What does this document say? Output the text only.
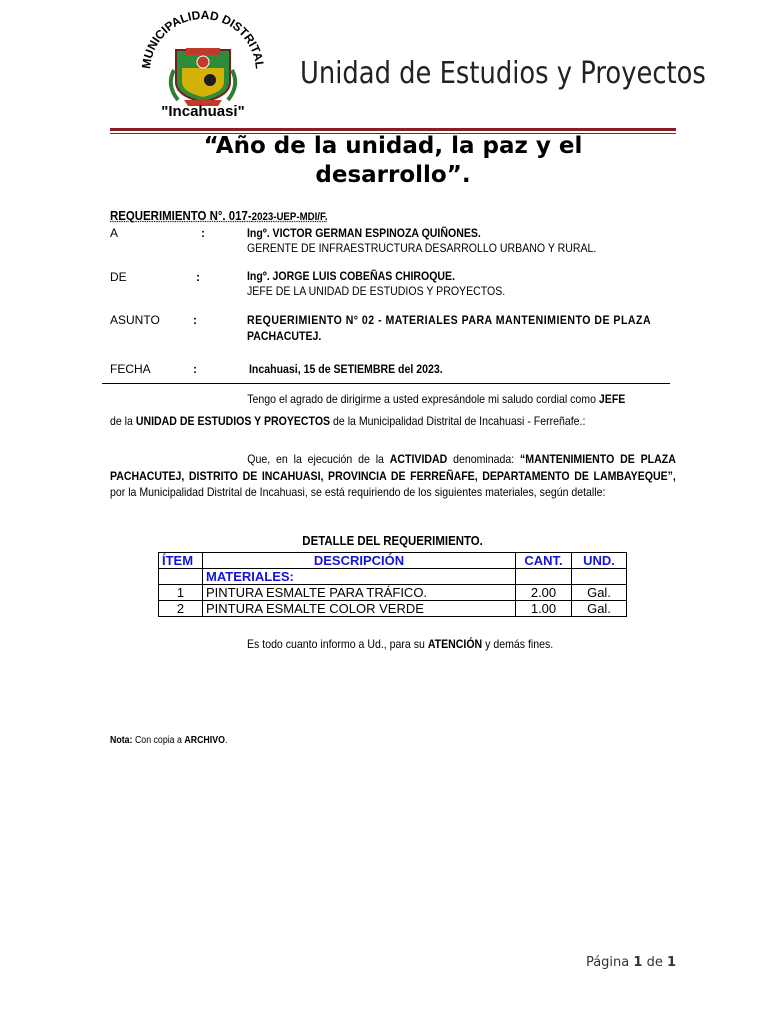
MUNICIPALIDAD DISTRITAL
"Incahuasi"
Unidad de Estudios y Proyectos
“Año de la unidad, la paz y el desarrollo”.
REQUERIMIENTO N°. 017-2023-UEP-MDI/F.
A	:	Ingº. VICTOR GERMAN ESPINOZA QUIÑONES.
GERENTE DE INFRAESTRUCTURA DESARROLLO URBANO Y RURAL.
DE	:	Ingº. JORGE LUIS COBEÑAS CHIROQUE.
JEFE DE LA UNIDAD DE ESTUDIOS Y PROYECTOS.
ASUNTO	:	REQUERIMIENTO N° 02 - MATERIALES PARA MANTENIMIENTO DE PLAZA
PACHACUTEJ.
FECHA	:	Incahuasi, 15 de SETIEMBRE del 2023.
Tengo el agrado de dirigirme a usted expresándole mi saludo cordial como JEFE
de la UNIDAD DE ESTUDIOS Y PROYECTOS de la Municipalidad Distrital de Incahuasi - Ferreñafe.:
Que, en la ejecución de la ACTIVIDAD denominada: “MANTENIMIENTO DE PLAZA PACHACUTEJ, DISTRITO DE INCAHUASI, PROVINCIA DE FERREÑAFE, DEPARTAMENTO DE LAMBAYEQUE”, por la Municipalidad Distrital de Incahuasi, se está requiriendo de los siguientes materiales, según detalle:
DETALLE DEL REQUERIMIENTO.
ÍTEM	DESCRIPCIÓN	CANT.	UND.
	MATERIALES:		
1	PINTURA ESMALTE PARA TRÁFICO.	2.00	Gal.
2	PINTURA ESMALTE COLOR VERDE	1.00	Gal.
Es todo cuanto informo a Ud., para su ATENCIÓN y demás fines.
Nota: Con copia a ARCHIVO.
Página 1 de 1
